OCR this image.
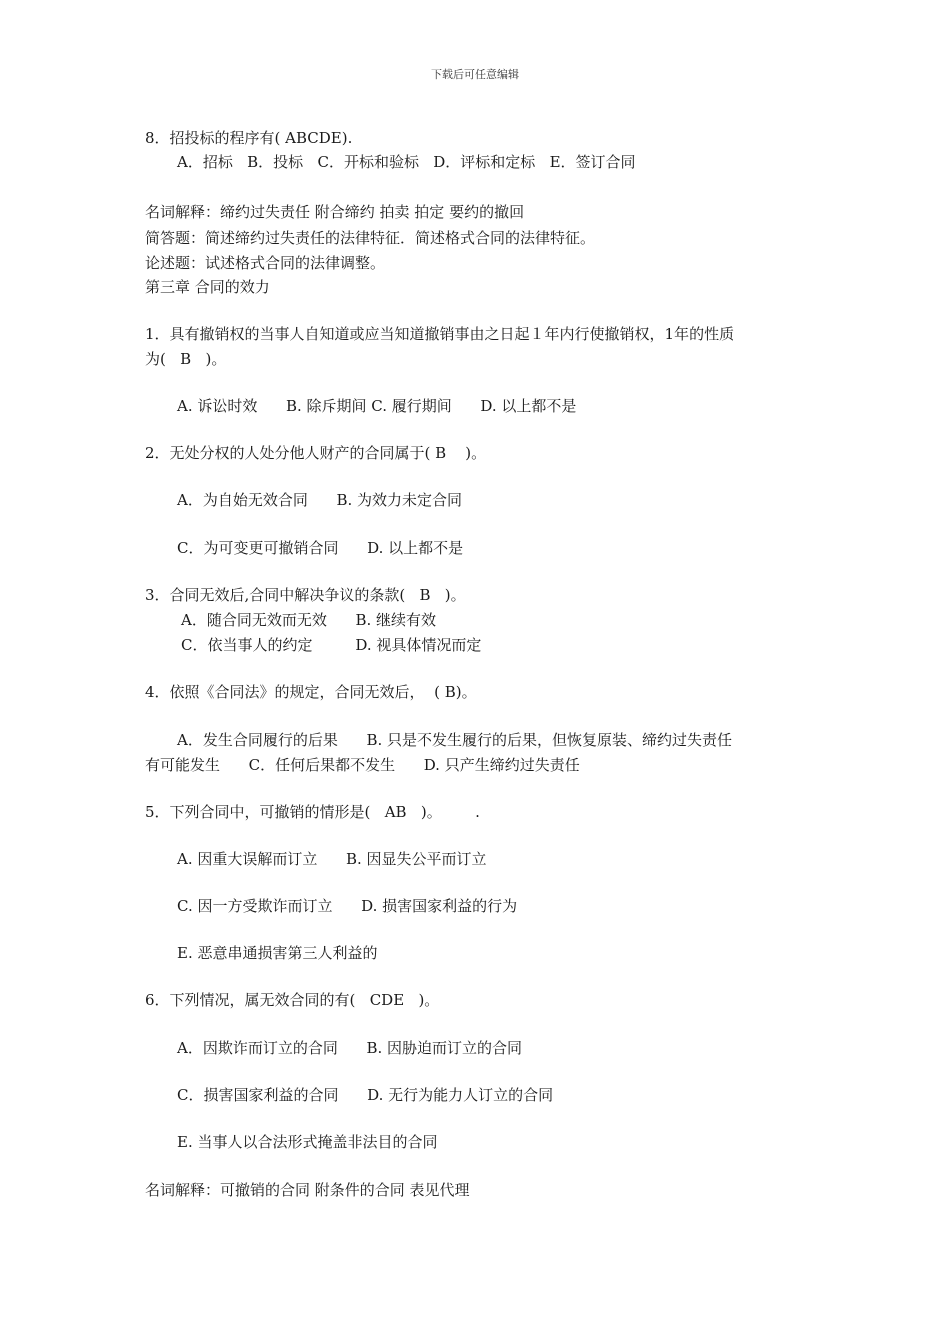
下载后可任意编辑
8．招投标的程序有( ABCDE).
A．招标   B．投标   C．开标和验标   D．评标和定标   E．签订合同
名词解释：缔约过失责任 附合缔约 拍卖 拍定 要约的撤回
简答题：简述缔约过失责任的法律特征．简述格式合同的法律特征。
论述题：试述格式合同的法律调整。
第三章 合同的效力
1．具有撤销权的当事人自知道或应当知道撤销事由之日起１年内行使撤销权，1年的性质
为(   B   )。
A. 诉讼时效      B. 除斥期间 C. 履行期间      D. 以上都不是
2．无处分权的人处分他人财产的合同属于( B    )。
A．为自始无效合同      B. 为效力未定合同
C．为可变更可撤销合同      D. 以上都不是
3．合同无效后,合同中解决争议的条款(   B   )。
A．随合同无效而无效      B. 继续有效
C．依当事人的约定         D. 视具体情况而定
4．依照《合同法》的规定，合同无效后，  ( B)。
A．发生合同履行的后果      B. 只是不发生履行的后果，但恢复原装、缔约过失责任
有可能发生      C．任何后果都不发生      D. 只产生缔约过失责任
5．下列合同中，可撤销的情形是(   AB   )。       .
A. 因重大误解而订立      B. 因显失公平而订立
C. 因一方受欺诈而订立      D. 损害国家利益的行为
E. 恶意串通损害第三人利益的
6．下列情况，属无效合同的有(   CDE   )。
A．因欺诈而订立的合同      B. 因胁迫而订立的合同
C．损害国家利益的合同      D. 无行为能力人订立的合同
E. 当事人以合法形式掩盖非法目的合同
名词解释：可撤销的合同 附条件的合同 表见代理
